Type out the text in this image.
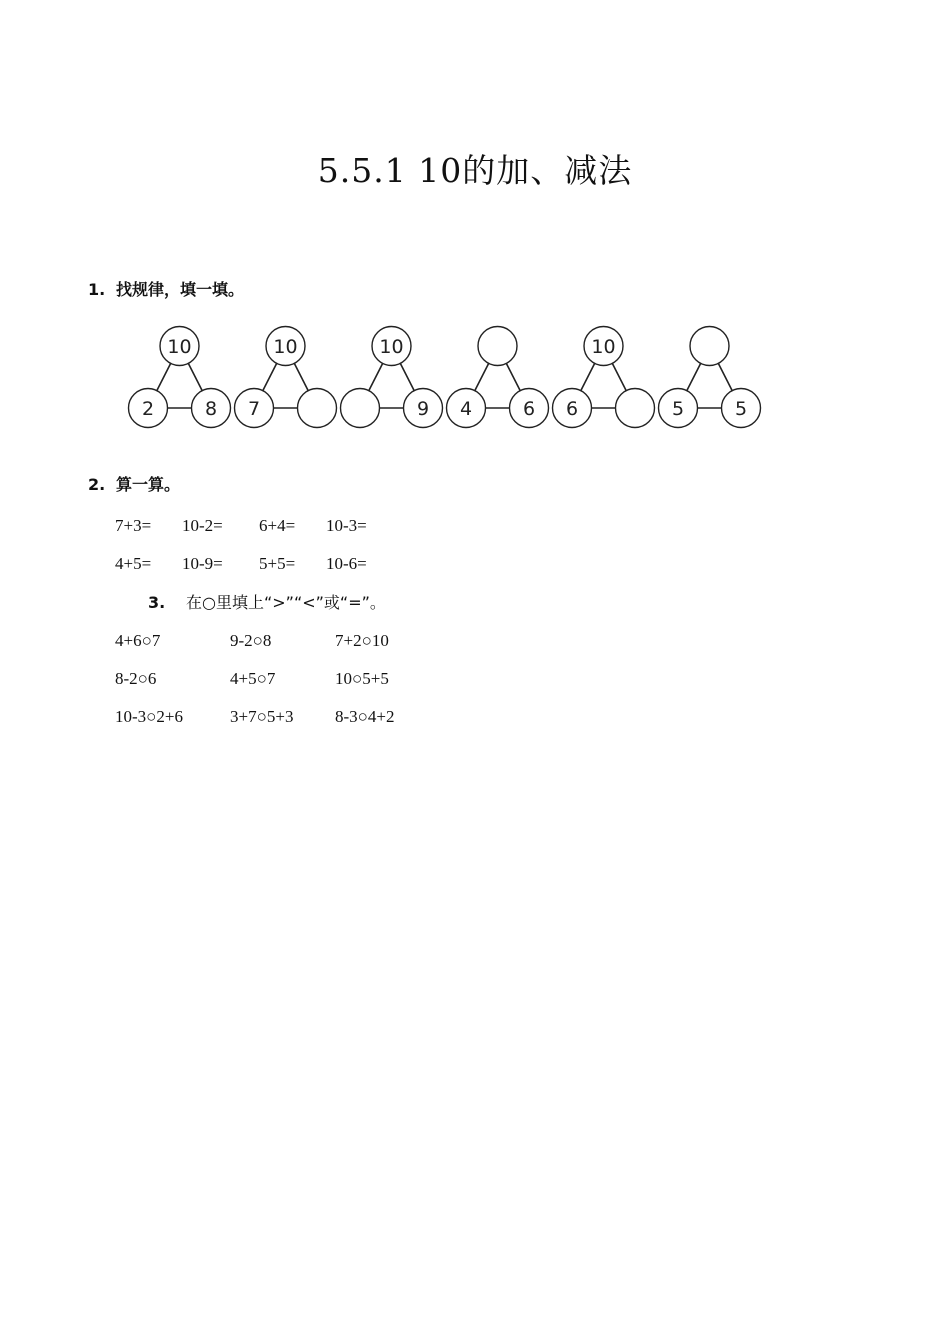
5.5.1 10的加、减法
1. 找规律，填一填。
10
2	8
10
7
10
9 4	6
10
6	5	5
2. 算一算。
7+3= 10-2= 6+4= 10-3=
4+5= 10-9= 5+5= 10-6=
3. 在○里填上“>”“<”或“=”。
4+6○7	9-2○8	7+2○10
8-2○6	4+5○7	10○5+5
10-3○2+6	3+7○5+3 8-3○4+2
